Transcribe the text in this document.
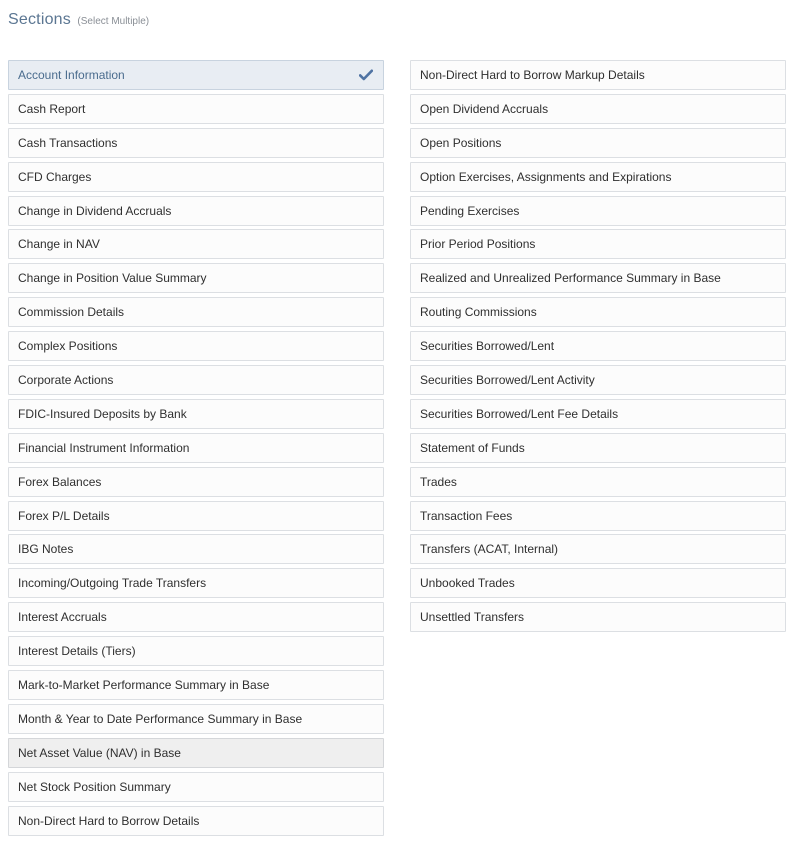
Sections (Select Multiple)
Account Information
Cash Report
Cash Transactions
CFD Charges
Change in Dividend Accruals
Change in NAV
Change in Position Value Summary
Commission Details
Complex Positions
Corporate Actions
FDIC-Insured Deposits by Bank
Financial Instrument Information
Forex Balances
Forex P/L Details
IBG Notes
Incoming/Outgoing Trade Transfers
Interest Accruals
Interest Details (Tiers)
Mark-to-Market Performance Summary in Base
Month & Year to Date Performance Summary in Base
Net Asset Value (NAV) in Base
Net Stock Position Summary
Non-Direct Hard to Borrow Details
Non-Direct Hard to Borrow Markup Details
Open Dividend Accruals
Open Positions
Option Exercises, Assignments and Expirations
Pending Exercises
Prior Period Positions
Realized and Unrealized Performance Summary in Base
Routing Commissions
Securities Borrowed/Lent
Securities Borrowed/Lent Activity
Securities Borrowed/Lent Fee Details
Statement of Funds
Trades
Transaction Fees
Transfers (ACAT, Internal)
Unbooked Trades
Unsettled Transfers
